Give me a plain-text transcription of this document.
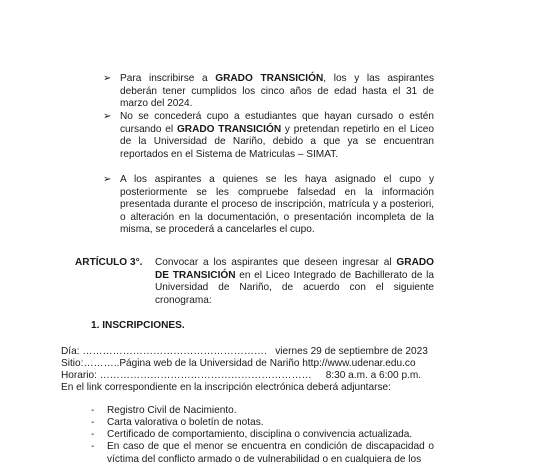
➢ Para inscribirse a GRADO TRANSICIÓN, los y las aspirantes deberán tener cumplidos los cinco años de edad hasta el 31 de marzo del 2024.
➢ No se concederá cupo a estudiantes que hayan cursado o estén cursando el GRADO TRANSICIÓN y pretendan repetirlo en el Liceo de la Universidad de Nariño, debido a que ya se encuentran reportados en el Sistema de Matriculas – SIMAT.
➢ A los aspirantes a quienes se les haya asignado el cupo y posteriormente se les compruebe falsedad en la información presentada durante el proceso de inscripción, matrícula y a posteriori, o alteración en la documentación, o presentación incompleta de la misma, se procederá a cancelarles el cupo.
ARTÍCULO 3°. Convocar a los aspirantes que deseen ingresar al GRADO DE TRANSICIÓN en el Liceo Integrado de Bachillerato de la Universidad de Nariño, de acuerdo con el siguiente cronograma:
1. INSCRIPCIONES.
Día: ……………………………………………….   viernes 29 de septiembre de 2023
Sitio:………..Página web de la Universidad de Nariño http://www.udenar.edu.co
Horario: ………………………………………………………     8:30 a.m. a 6:00 p.m.
En el link correspondiente en la inscripción electrónica deberá adjuntarse:
- Registro Civil de Nacimiento.
- Carta valorativa o boletín de notas.
- Certificado de comportamiento, disciplina o convivencia actualizada.
- En caso de que el menor se encuentra en condición de discapacidad o víctima del conflicto armado o de vulnerabilidad o en cualquiera de los
